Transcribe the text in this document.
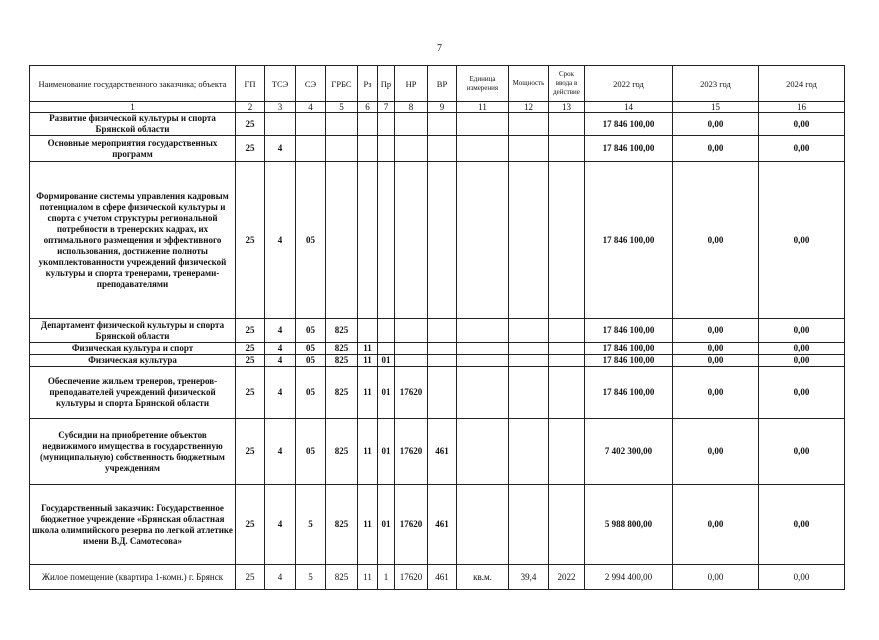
7
Наименование государственного заказчика; объекта	ГП	ТСЭ	СЭ	ГРБС	Рз	Пр	НР	ВР	Единица измерения	Мощность	Срок ввода в действие	2022 год	2023 год	2024 год
1	2	3	4	5	6	7	8	9	11	12	13	14	15	16
Развитие физической культуры и спорта Брянской области	25											17 846 100,00	0,00	0,00
Основные мероприятия государственных программ	25	4										17 846 100,00	0,00	0,00
Формирование системы управления кадровым потенциалом в сфере физической культуры и спорта с учетом структуры региональной потребности в тренерских кадрах, их оптимального размещения и эффективного использования, достижение полноты укомплектованности учреждений физической культуры и спорта тренерами, тренерами-преподавателями	25	4	05									17 846 100,00	0,00	0,00
Департамент физической культуры и спорта Брянской области	25	4	05	825								17 846 100,00	0,00	0,00
Физическая культура и спорт	25	4	05	825	11							17 846 100,00	0,00	0,00
Физическая культура	25	4	05	825	11	01						17 846 100,00	0,00	0,00
Обеспечение жильем тренеров, тренеров-преподавателей учреждений физической культуры и спорта Брянской области	25	4	05	825	11	01	17620					17 846 100,00	0,00	0,00
Субсидии на приобретение объектов недвижимого имущества в государственную (муниципальную) собственность бюджетным учреждениям	25	4	05	825	11	01	17620	461				7 402 300,00	0,00	0,00
Государственный заказчик: Государственное бюджетное учреждение «Брянская областная школа олимпийского резерва по легкой атлетике имени В.Д. Самотесова»	25	4	5	825	11	01	17620	461				5 988 800,00	0,00	0,00
Жилое помещение (квартира 1-комн.) г. Брянск	25	4	5	825	11	1	17620	461	кв.м.	39,4	2022	2 994 400,00	0,00	0,00
